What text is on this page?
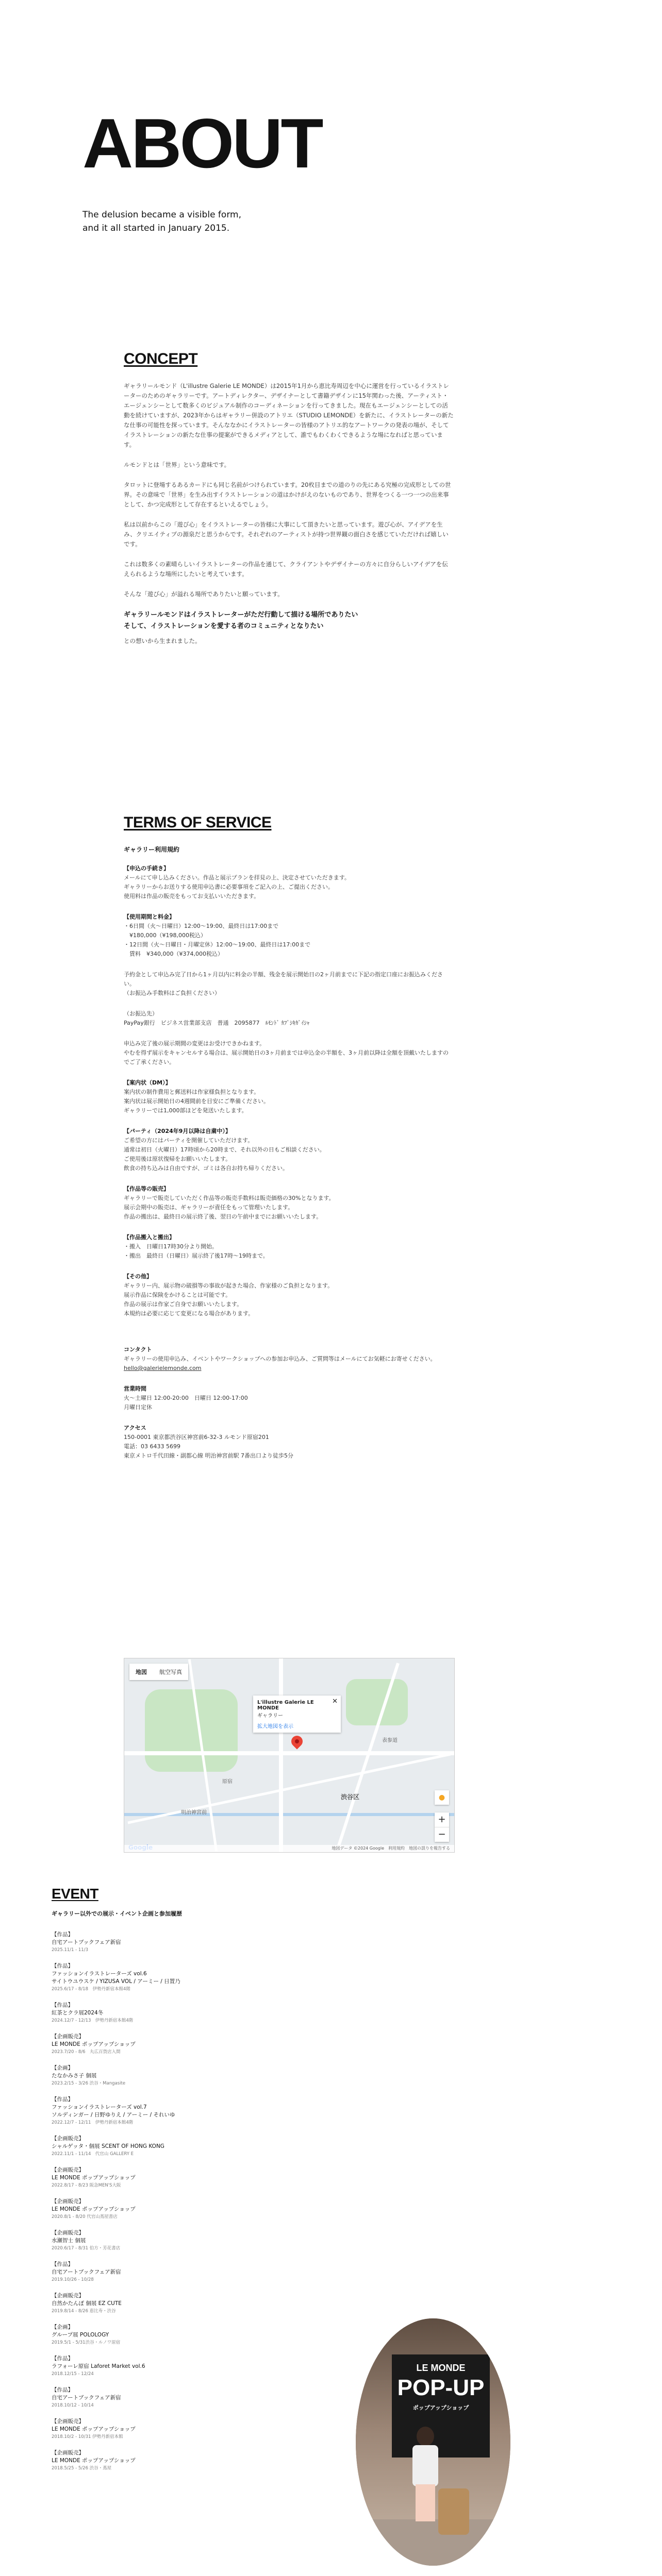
ABOUT

The delusion became a visible form,
and it all started in January 2015.

CONCEPT

ギャラリールモンド（L'illustre Galerie LE MONDE）は2015年1月から恵比寿周辺を中心に運営を行っているイラストレーターのためのギャラリーです。アートディレクター、デザイナーとして書籍デザインに15年関わった後、アーティスト・エージェンシーとして数多くのビジュアル制作のコーディネーションを行ってきました。現在もエージェンシーとしての活動を続けていますが、2023年からはギャラリー併設のアトリエ（STUDIO LEMONDE）を新たに、イラストレーターの新たな仕事の可能性を探っています。そんななかにイラストレーターの皆様のアトリエ的なアートワークの発表の場が、そしてイラストレーションの新たな仕事の提案ができるメディアとして、誰でもわくわくできるような場になればと思っています。

ルモンドとは「世界」という意味です。

タロットに登場するあるカードにも同じ名前がつけられています。20枚目までの道のりの先にある究極の完成形としての世界。その意味で「世界」を生み出すイラストレーションの道はかけがえのないものであり、世界をつくる一つ一つの出来事として、かつ完成形として存在するといえるでしょう。

私は以前からこの「遊び心」をイラストレーターの皆様に大事にして頂きたいと思っています。遊び心が、アイデアを生み、クリエイティブの源泉だと思うからです。それぞれのアーティストが持つ世界観の面白さを感じていただければ嬉しいです。

これは数多くの素晴らしいイラストレーターの作品を通じて、クライアントやデザイナーの方々に自分らしいアイデアを伝えられるような場所にしたいと考えています。

そんな「遊び心」が溢れる場所でありたいと願っています。

ギャラリールモンドはイラストレーターがただ行動して描ける場所でありたい
そして、イラストレーションを愛する者のコミュニティとなりたい

との想いから生まれました。

TERMS OF SERVICE
ギャラリー利用規約
【申込の手続き】
メールにて申し込みください。作品と展示プランを拝見の上、決定させていただきます。
ギャラリーからお送りする使用申込書に必要事項をご記入の上、ご提出ください。
使用料は作品の販売をもってお支払いいただきます。
【使用期間と料金】
・6日間（火〜日曜日）12:00〜19:00、最終日は17:00まで
　¥180,000（¥198,000税込）
・12日間（火〜日曜日・月曜定休）12:00〜19:00、最終日は17:00まで
　賃料　¥340,000（¥374,000税込）
予約金として申込み完了日から1ヶ月以内に料金の半額、残金を展示開始日の2ヶ月前までに下記の指定口座にお振込みください。
（お振込み手数料はご負担ください）
（お振込先）
PayPay銀行　ビジネス営業部支店　普通　2095877　ﾙﾓﾝﾄﾞ ｶﾌﾞｼｷｶﾞｲｼｬ
申込み完了後の展示期間の変更はお受けできかねます。
やむを得ず展示をキャンセルする場合は、展示開始日の3ヶ月前までは申込金の半額を、3ヶ月前以降は全額を頂戴いたしますのでご了承ください。
【案内状（DM）】
案内状の制作費用と郵送料は作家様負担となります。
案内状は展示開始日の4週間前を目安にご準備ください。
ギャラリーでは1,000部ほどを発送いたします。
【パーティ（2024年9月以降は自粛中）】
ご希望の方にはパーティを開催していただけます。
通常は初日（火曜日）17時頃から20時まで、それ以外の日もご相談ください。
ご使用後は原状復帰をお願いいたします。
飲食の持ち込みは自由ですが、ゴミは各自お持ち帰りください。
【作品等の販売】
ギャラリーで販売していただく作品等の販売手数料は販売価格の30%となります。
展示会期中の販売は、ギャラリーが責任をもって管理いたします。
作品の搬出は、最終日の展示終了後、翌日の午前中までにお願いいたします。
【作品搬入と搬出】
・搬入　日曜日17時30分より開始。
・搬出　最終日（日曜日）展示終了後17時〜19時まで。
【その他】
ギャラリー内、展示物の破損等の事故が起きた場合、作家様のご負担となります。
展示作品に保険をかけることは可能です。
作品の展示は作家ご自身でお願いいたします。
本規約は必要に応じて変更になる場合があります。
コンタクト
ギャラリーの使用申込み、イベントやワークショップへの参加お申込み、ご質問等はメールにてお気軽にお寄せください。
hello@galerielemonde.com
営業時間
火〜土曜日 12:00-20:00　日曜日 12:00-17:00
月曜日定休
アクセス
150-0001 東京都渋谷区神宮前6-32-3 ルモンド原宿201
電話：03 6433 5699
東京メトロ千代田線・副都心線 明治神宮前駅 7番出口より徒歩5分
原宿
渋谷区
表参道
明治神宮前
地図	航空写真
✕
L'illustre Galerie LE MONDE
ギャラリー
拡大地図を表示
●
+
−
地図データ ©2024 Google　利用規約　地図の誤りを報告する
EVENT
ギャラリー以外での展示・イベント企画と参加履歴
【作品】
自宅アートブックフェア新宿
2025.11/1 - 11/3
【作品】
ファッションイラストレーターズ vol.6
サイトウユウスケ / YIZUSA VOL / アーミー / 日置乃
2025.6/17 - 8/18　伊勢丹新宿本館4階
【作品】
紅茶とクラ展2024冬
2024.12/7 - 12/13　伊勢丹新宿本館4階
【企画販売】
LE MONDE ポップアップショップ
2023.7/20 - 8/6　丸広百貨店入間
【企画】
たなかみさ子 個展
2023.2/15 - 3/26 渋谷・Mangasite
【作品】
ファッションイラストレーターズ vol.7
ソルディンガー / 日野ゆりえ / アーミー / それいゆ
2022.12/7 - 12/11　伊勢丹新宿本館4階
【企画販売】
シャルゲッタ・個展 SCENT OF HONG KONG
2022.11/1 - 11/14　代官山 GALLERY E
【企画販売】
LE MONDE ポップアップショップ
2022.8/17 - 8/23 阪急MEN'S大阪
【企画販売】
LE MONDE ポップアップショップ
2020.8/1 - 8/20 代官山蔦屋書店
【企画販売】
水瀬智士 個展
2020.6/17 - 8/31 伯方・芳花書店
【作品】
自宅アートブックフェア新宿
2019.10/26 - 10/28
【企画販売】
自然かたんぽ 個展 EZ CUTE
2019.8/14 - 8/26 恵比寿・渋谷
【企画】
グループ展 POLOLOGY
2019.5/1 - 5/31渋谷・ルノワ原宿
【作品】
ラフォーレ原宿 Laforet Market vol.6
2018.12/15 - 12/24
【作品】
自宅アートブックフェア新宿
2018.10/12 - 10/14
【企画販売】
LE MONDE ポップアップショップ
2018.10/2 - 10/31 伊勢丹新宿本館
【企画販売】
LE MONDE ポップアップショップ
2018.5/25 - 5/26 渋谷・蔦屋
LE MONDE
POP-UP
ポップアップショップ
